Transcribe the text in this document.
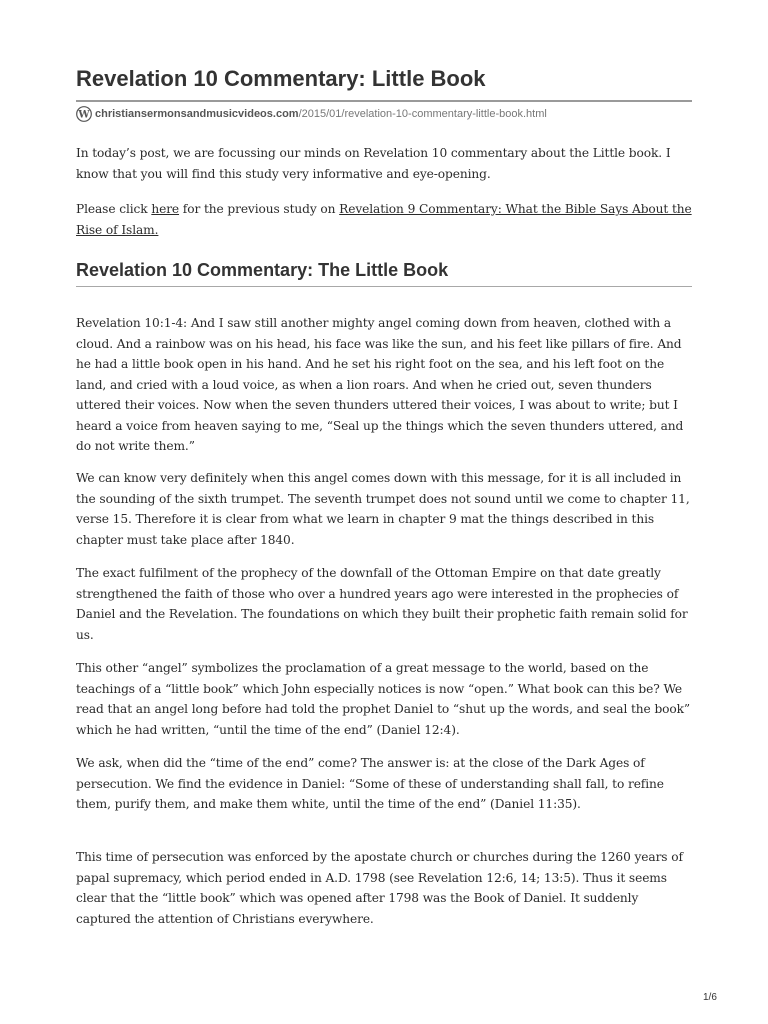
Revelation 10 Commentary: Little Book
W christiansermonsandmusicvideos.com /2015/01/revelation-10-commentary-little-book.html

In today’s post, we are focussing our minds on Revelation 10 commentary about the Little book. I know that you will find this study very informative and eye-opening.

Please click here for the previous study on Revelation 9 Commentary: What the Bible Says About the Rise of Islam.

Revelation 10 Commentary: The Little Book

Revelation 10:1-4: And I saw still another mighty angel coming down from heaven, clothed with a cloud. And a rainbow was on his head, his face was like the sun, and his feet like pillars of fire. And he had a little book open in his hand. And he set his right foot on the sea, and his left foot on the land, and cried with a loud voice, as when a lion roars. And when he cried out, seven thunders uttered their voices. Now when the seven thunders uttered their voices, I was about to write; but I heard a voice from heaven saying to me, “Seal up the things which the seven thunders uttered, and do not write them.”

We can know very definitely when this angel comes down with this message, for it is all included in the sounding of the sixth trumpet. The seventh trumpet does not sound until we come to chapter 11, verse 15. Therefore it is clear from what we learn in chapter 9 mat the things described in this chapter must take place after 1840.

The exact fulfilment of the prophecy of the downfall of the Ottoman Empire on that date greatly strengthened the faith of those who over a hundred years ago were interested in the prophecies of Daniel and the Revelation. The foundations on which they built their prophetic faith remain solid for us.

This other “angel” symbolizes the proclamation of a great message to the world, based on the teachings of a “little book” which John especially notices is now “open.” What book can this be? We read that an angel long before had told the prophet Daniel to “shut up the words, and seal the book” which he had written, “until the time of the end” (Daniel 12:4).

We ask, when did the “time of the end” come? The answer is: at the close of the Dark Ages of persecution. We find the evidence in Daniel: “Some of these of understanding shall fall, to refine them, purify them, and make them white, until the time of the end” (Daniel 11:35).

This time of persecution was enforced by the apostate church or churches during the 1260 years of papal supremacy, which period ended in A.D. 1798 (see Revelation 12:6, 14; 13:5). Thus it seems clear that the “little book” which was opened after 1798 was the Book of Daniel. It suddenly captured the attention of Christians everywhere.

1/6
